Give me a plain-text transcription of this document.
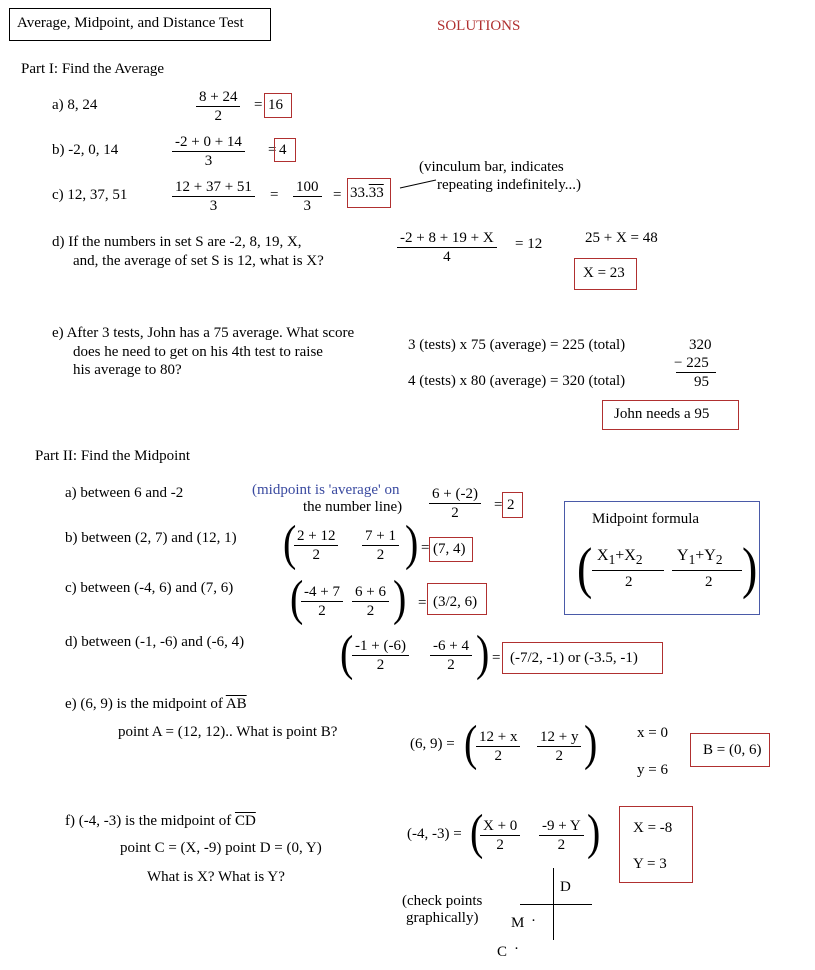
Average, Midpoint, and Distance Test	SOLUTIONS
Part I: Find the Average
a) 8, 24	$\frac{8 + 24}{2} = 16$
b) -2, 0, 14	$\frac{-2 + 0 + 14}{3} = 4$
c) 12, 37, 51	$\frac{12 + 37 + 51}{3} = \frac{100}{3} = 33.33$
(vinculum bar, indicates
repeating indefinitely...)
d) If the numbers in set S are -2, 8, 19, X,
and, the average of set S is 12, what is X?	$\frac{-2 + 8 + 19 + X}{4} = 12$	25 + X = 48
X = 23
e) After 3 tests, John has a 75 average. What score
does he need to get on his 4th test to raise
his average to 80?
3 (tests) x 75 (average) = 225 (total)
4 (tests) x 80 (average) = 320 (total)
320
− 225
95
John needs a 95
Part II: Find the Midpoint
a) between 6 and -2	(midpoint is 'average' on
the number line) $\frac{6 + (-2)}{2} = 2$
b) between (2, 7) and (12, 1) (
$\frac{2 + 12}{2} \frac{7 + 1}{2}$ ) = (7, 4)
c) between (-4, 6) and (7, 6) (
$\frac{-4 + 7}{2} \frac{6 + 6}{2}$ ) = (3/2, 6)
d) between (-1, -6) and (-6, 4) (
$\frac{-1 + (-6)}{2} \frac{-6 + 4}{2}$ ) = (-7/2, -1) or (-3.5, -1)
Midpoint formula
( $X_1+X_2$
2
$Y_1+Y_2$
2 )
e) (6, 9) is the midpoint of $\overline{AB}$
point A = (12, 12).. What is point B?
(6, 9) = (
$\frac{12 + x}{2} \frac{12 + y}{2}$ )	x = 0
y = 6
B = (0, 6)
f) (-4, -3) is the midpoint of $\overline{CD}$
point C = (X, -9) point D = (0, Y)
What is X? What is Y?
(-4, -3) = (
$\frac{X + 0}{2} \frac{-9 + Y}{2}$ ) X = -8
Y = 3
(check points
graphically)
D
M ·
C ·
